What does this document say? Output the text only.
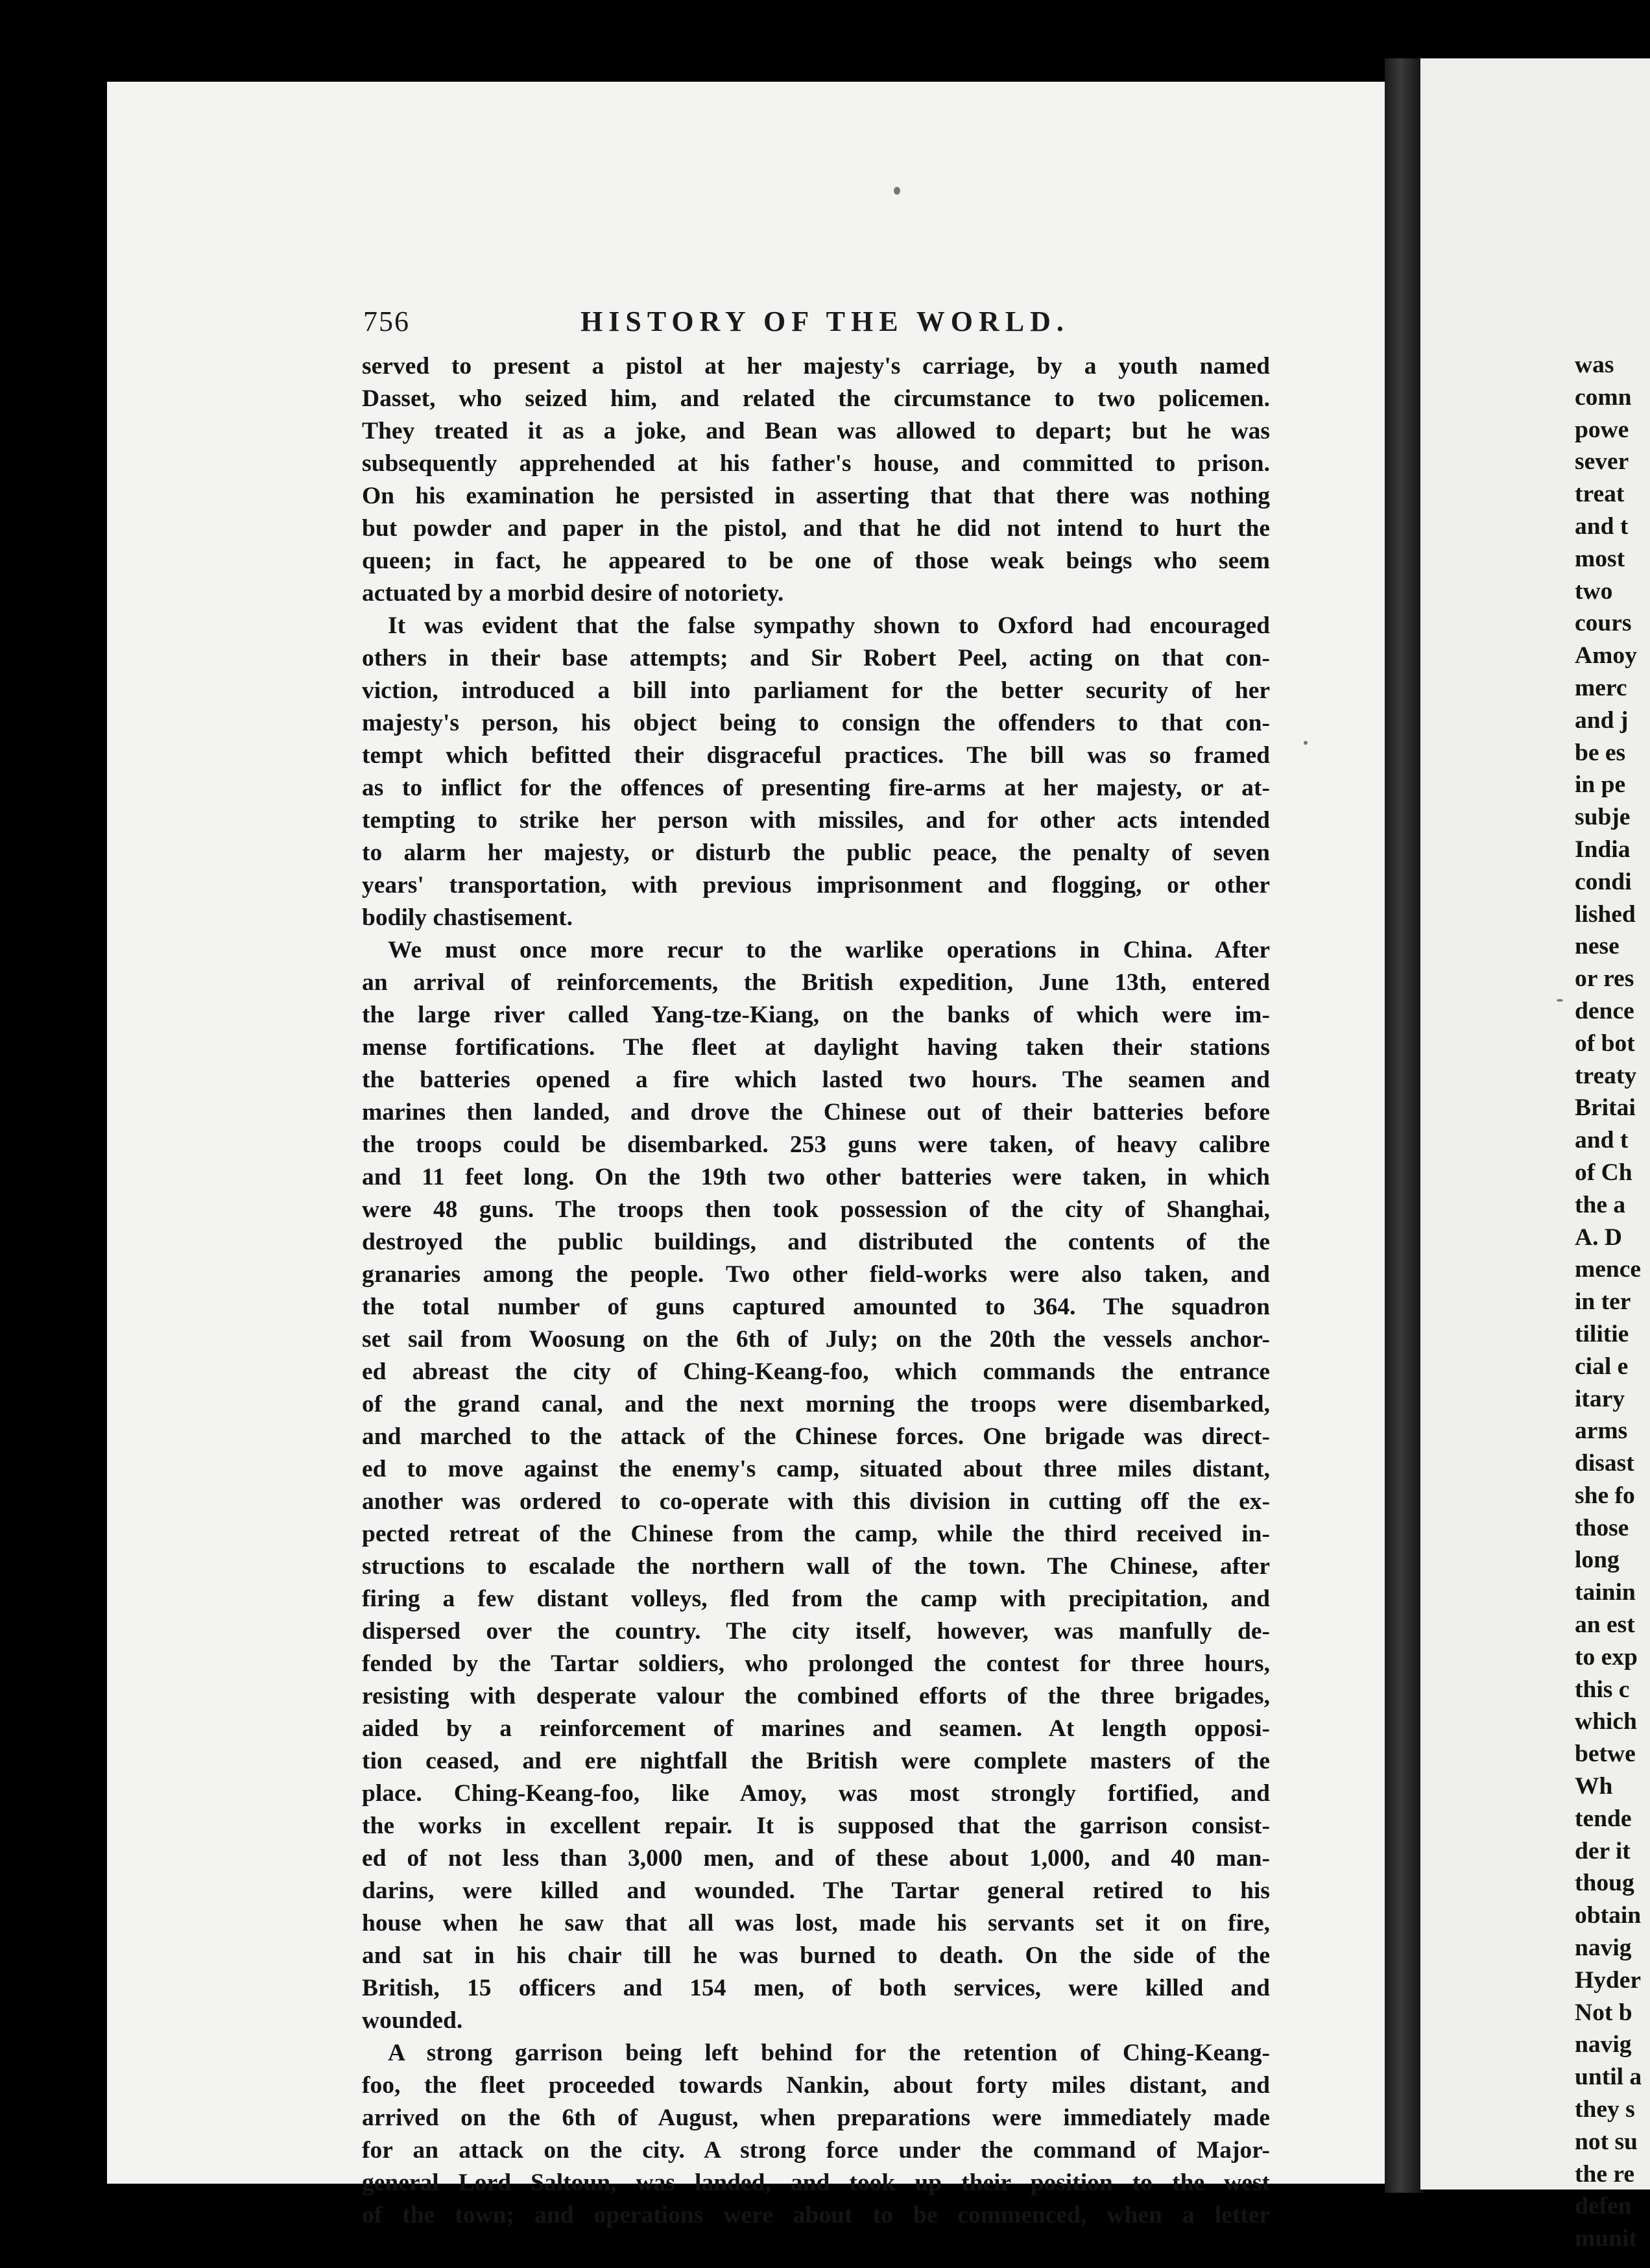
756	HISTORY OF THE WORLD.
served to present a pistol at her majesty's carriage, by a youth named
Dasset, who seized him, and related the circumstance to two policemen.
They treated it as a joke, and Bean was allowed to depart; but he was
subsequently apprehended at his father's house, and committed to prison.
On his examination he persisted in asserting that that there was nothing
but powder and paper in the pistol, and that he did not intend to hurt the
queen; in fact, he appeared to be one of those weak beings who seem
actuated by a morbid desire of notoriety.
It was evident that the false sympathy shown to Oxford had encouraged
others in their base attempts; and Sir Robert Peel, acting on that con-
viction, introduced a bill into parliament for the better security of her
majesty's person, his object being to consign the offenders to that con-
tempt which befitted their disgraceful practices. The bill was so framed
as to inflict for the offences of presenting fire-arms at her majesty, or at-
tempting to strike her person with missiles, and for other acts intended
to alarm her majesty, or disturb the public peace, the penalty of seven
years' transportation, with previous imprisonment and flogging, or other
bodily chastisement.
We must once more recur to the warlike operations in China. After
an arrival of reinforcements, the British expedition, June 13th, entered
the large river called Yang-tze-Kiang, on the banks of which were im-
mense fortifications. The fleet at daylight having taken their stations
the batteries opened a fire which lasted two hours. The seamen and
marines then landed, and drove the Chinese out of their batteries before
the troops could be disembarked. 253 guns were taken, of heavy calibre
and 11 feet long. On the 19th two other batteries were taken, in which
were 48 guns. The troops then took possession of the city of Shanghai,
destroyed the public buildings, and distributed the contents of the
granaries among the people. Two other field-works were also taken, and
the total number of guns captured amounted to 364. The squadron
set sail from Woosung on the 6th of July; on the 20th the vessels anchor-
ed abreast the city of Ching-Keang-foo, which commands the entrance
of the grand canal, and the next morning the troops were disembarked,
and marched to the attack of the Chinese forces. One brigade was direct-
ed to move against the enemy's camp, situated about three miles distant,
another was ordered to co-operate with this division in cutting off the ex-
pected retreat of the Chinese from the camp, while the third received in-
structions to escalade the northern wall of the town. The Chinese, after
firing a few distant volleys, fled from the camp with precipitation, and
dispersed over the country. The city itself, however, was manfully de-
fended by the Tartar soldiers, who prolonged the contest for three hours,
resisting with desperate valour the combined efforts of the three brigades,
aided by a reinforcement of marines and seamen. At length opposi-
tion ceased, and ere nightfall the British were complete masters of the
place. Ching-Keang-foo, like Amoy, was most strongly fortified, and
the works in excellent repair. It is supposed that the garrison consist-
ed of not less than 3,000 men, and of these about 1,000, and 40 man-
darins, were killed and wounded. The Tartar general retired to his
house when he saw that all was lost, made his servants set it on fire,
and sat in his chair till he was burned to death. On the side of the
British, 15 officers and 154 men, of both services, were killed and
wounded.
A strong garrison being left behind for the retention of Ching-Keang-
foo, the fleet proceeded towards Nankin, about forty miles distant, and
arrived on the 6th of August, when preparations were immediately made
for an attack on the city. A strong force under the command of Major-
general Lord Saltoun, was landed, and took up their position to the west
of the town; and operations were about to be commenced, when a letter
was
comn
powe
sever
treat
and t
most
two
cours
Amoy
merc
and j
be es
in pe
subje
India
condi
lished
nese
or res
dence
of bot
treaty
Britai
and t
of Ch
the a
A. D
mence
in ter
tilitie
cial e
itary
arms
disast
she fo
those
long
tainin
an est
to exp
this c
which
betwe
Wh
tende
der it
thoug
obtain
navig
Hyder
Not b
navig
until a
they s
not su
the re
defen
munit
